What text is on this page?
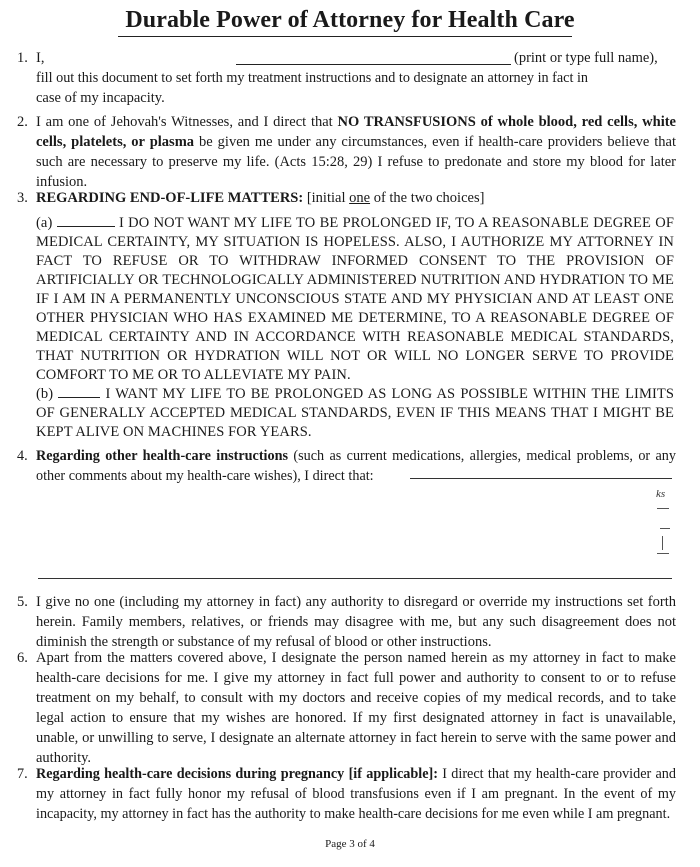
Durable Power of Attorney for Health Care
1. I,	(print or type full name),
fill out this document to set forth my treatment instructions and to designate an attorney in fact in
case of my incapacity.
2. I am one of Jehovah's Witnesses, and I direct that NO TRANSFUSIONS of whole blood, red cells, white cells, platelets, or plasma be given me under any circumstances, even if health-care providers believe that such are necessary to preserve my life. (Acts 15:28, 29) I refuse to predonate and store my blood for later infusion.
3. REGARDING END-OF-LIFE MATTERS: [initial one of the two choices]
(a)	I DO NOT WANT MY LIFE TO BE PROLONGED IF, TO A REASONABLE DEGREE OF MEDICAL CERTAINTY, MY SITUATION IS HOPELESS. ALSO, I AUTHORIZE MY ATTORNEY IN FACT TO REFUSE OR TO WITHDRAW INFORMED CONSENT TO THE PROVISION OF ARTIFICIALLY OR TECHNOLOGICALLY ADMINISTERED NUTRITION AND HYDRATION TO ME IF I AM IN A PERMANENTLY UNCONSCIOUS STATE AND MY PHYSICIAN AND AT LEAST ONE OTHER PHYSICIAN WHO HAS EXAMINED ME DETERMINE, TO A REASONABLE DEGREE OF MEDICAL CERTAINTY AND IN ACCORDANCE WITH REASONABLE MEDICAL STANDARDS, THAT NUTRITION OR HYDRATION WILL NOT OR WILL NO LONGER SERVE TO PROVIDE COMFORT TO ME OR TO ALLEVIATE MY PAIN.
(b)	I WANT MY LIFE TO BE PROLONGED AS LONG AS POSSIBLE WITHIN THE LIMITS OF GENERALLY ACCEPTED MEDICAL STANDARDS, EVEN IF THIS MEANS THAT I MIGHT BE KEPT ALIVE ON MACHINES FOR YEARS.
4. Regarding other health-care instructions (such as current medications, allergies, medical problems, or any other comments about my health-care wishes), I direct that:
ks
5. I give no one (including my attorney in fact) any authority to disregard or override my instructions set forth herein. Family members, relatives, or friends may disagree with me, but any such disagreement does not diminish the strength or substance of my refusal of blood or other instructions.
6. Apart from the matters covered above, I designate the person named herein as my attorney in fact to make health-care decisions for me. I give my attorney in fact full power and authority to consent to or to refuse treatment on my behalf, to consult with my doctors and receive copies of my medical records, and to take legal action to ensure that my wishes are honored. If my first designated attorney in fact is unavailable, unable, or unwilling to serve, I designate an alternate attorney in fact herein to serve with the same power and authority.
7. Regarding health-care decisions during pregnancy [if applicable]: I direct that my health-care provider and my attorney in fact fully honor my refusal of blood transfusions even if I am pregnant. In the event of my incapacity, my attorney in fact has the authority to make health-care decisions for me even while I am pregnant.
Page 3 of 4
